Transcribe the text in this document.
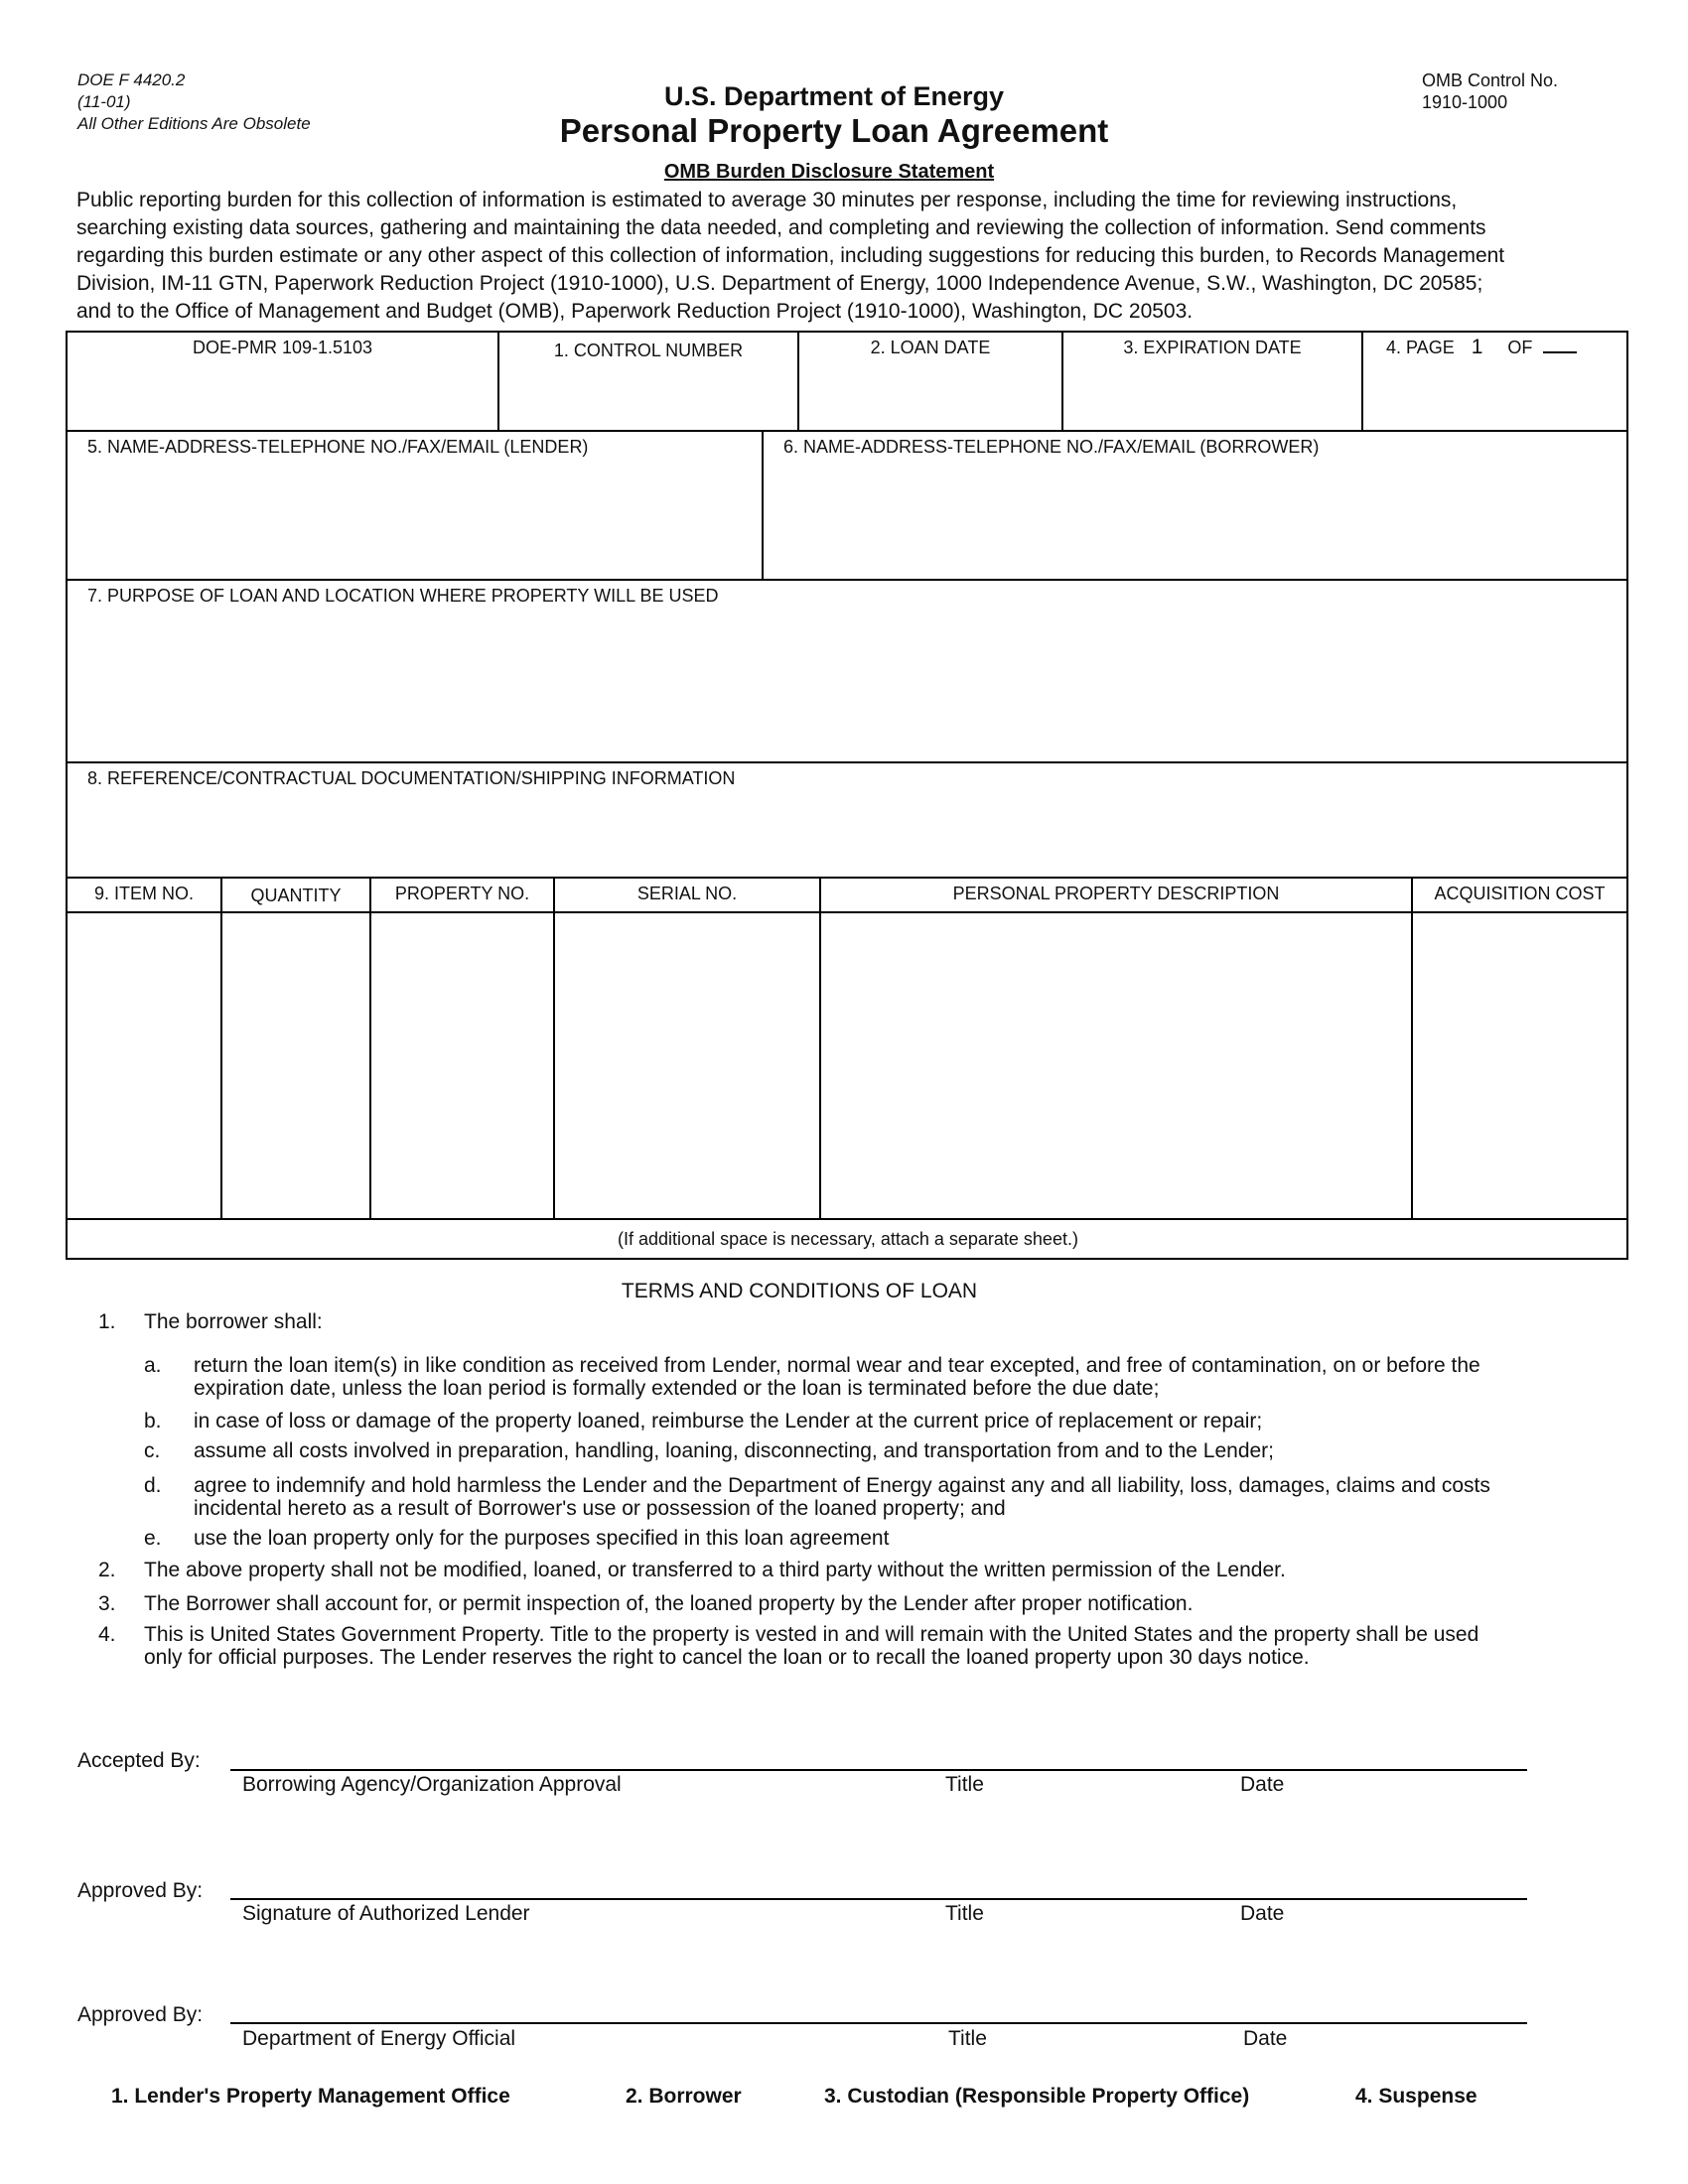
DOE F 4420.2
(11-01)
All Other Editions Are Obsolete
OMB Control No.
1910-1000
U.S. Department of Energy
Personal Property Loan Agreement
OMB Burden Disclosure Statement
Public reporting burden for this collection of information is estimated to average 30 minutes per response, including the time for reviewing instructions,
searching existing data sources, gathering and maintaining the data needed, and completing and reviewing the collection of information. Send comments
regarding this burden estimate or any other aspect of this collection of information, including suggestions for reducing this burden, to Records Management
Division, IM-11 GTN, Paperwork Reduction Project (1910-1000), U.S. Department of Energy, 1000 Independence Avenue, S.W., Washington, DC 20585;
and to the Office of Management and Budget (OMB), Paperwork Reduction Project (1910-1000), Washington, DC 20503.
DOE-PMR 109-1.5103	1. CONTROL NUMBER	2. LOAN DATE	3. EXPIRATION DATE	4. PAGE 1 OF
5. NAME-ADDRESS-TELEPHONE NO./FAX/EMAIL (LENDER)	6. NAME-ADDRESS-TELEPHONE NO./FAX/EMAIL (BORROWER)
7. PURPOSE OF LOAN AND LOCATION WHERE PROPERTY WILL BE USED
8. REFERENCE/CONTRACTUAL DOCUMENTATION/SHIPPING INFORMATION
9. ITEM NO.	QUANTITY	PROPERTY NO.	SERIAL NO.	PERSONAL PROPERTY DESCRIPTION	ACQUISITION COST
(If additional space is necessary, attach a separate sheet.)
TERMS AND CONDITIONS OF LOAN
1. The borrower shall:
a. return the loan item(s) in like condition as received from Lender, normal wear and tear excepted, and free of contamination, on or before the
expiration date, unless the loan period is formally extended or the loan is terminated before the due date;
b. in case of loss or damage of the property loaned, reimburse the Lender at the current price of replacement or repair;
c. assume all costs involved in preparation, handling, loaning, disconnecting, and transportation from and to the Lender;
d. agree to indemnify and hold harmless the Lender and the Department of Energy against any and all liability, loss, damages, claims and costs
incidental hereto as a result of Borrower's use or possession of the loaned property; and
e. use the loan property only for the purposes specified in this loan agreement
2. The above property shall not be modified, loaned, or transferred to a third party without the written permission of the Lender.
3. The Borrower shall account for, or permit inspection of, the loaned property by the Lender after proper notification.
4. This is United States Government Property. Title to the property is vested in and will remain with the United States and the property shall be used
only for official purposes. The Lender reserves the right to cancel the loan or to recall the loaned property upon 30 days notice.
Accepted By:
Borrowing Agency/Organization Approval	Title	Date
Approved By:
Signature of Authorized Lender	Title	Date
Approved By:
Department of Energy Official	Title	Date
1. Lender's Property Management Office	2. Borrower	3. Custodian (Responsible Property Office)	4. Suspense
